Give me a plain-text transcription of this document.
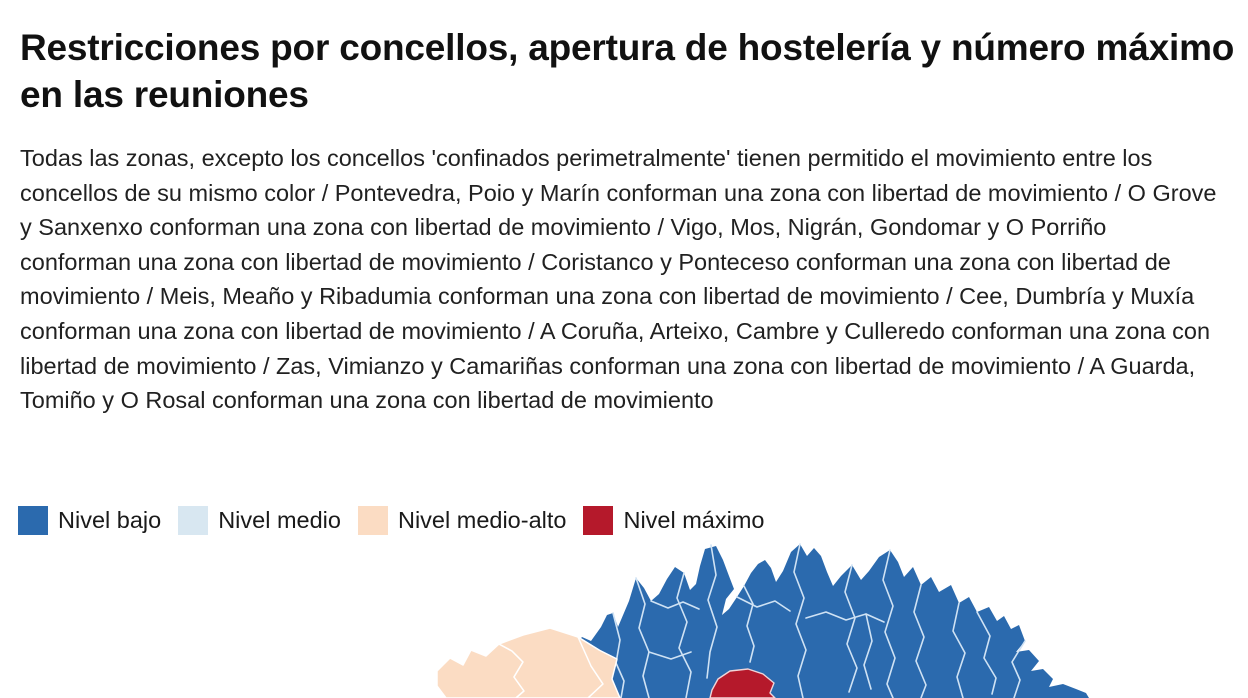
Restricciones por concellos, apertura de hostelería y número máximo en las reuniones

Todas las zonas, excepto los concellos 'confinados perimetralmente' tienen permitido el movimiento entre los concellos de su mismo color / Pontevedra, Poio y Marín conforman una zona con libertad de movimiento / O Grove y Sanxenxo conforman una zona con libertad de movimiento / Vigo, Mos, Nigrán, Gondomar y O Porriño conforman una zona con libertad de movimiento / Coristanco y Ponteceso conforman una zona con libertad de movimiento / Meis, Meaño y Ribadumia conforman una zona con libertad de movimiento / Cee, Dumbría y Muxía conforman una zona con libertad de movimiento / A Coruña, Arteixo, Cambre y Culleredo conforman una zona con libertad de movimiento / Zas, Vimianzo y Camariñas conforman una zona con libertad de movimiento / A Guarda, Tomiño y O Rosal conforman una zona con libertad de movimiento

Nivel bajo Nivel medio Nivel medio-alto Nivel máximo
